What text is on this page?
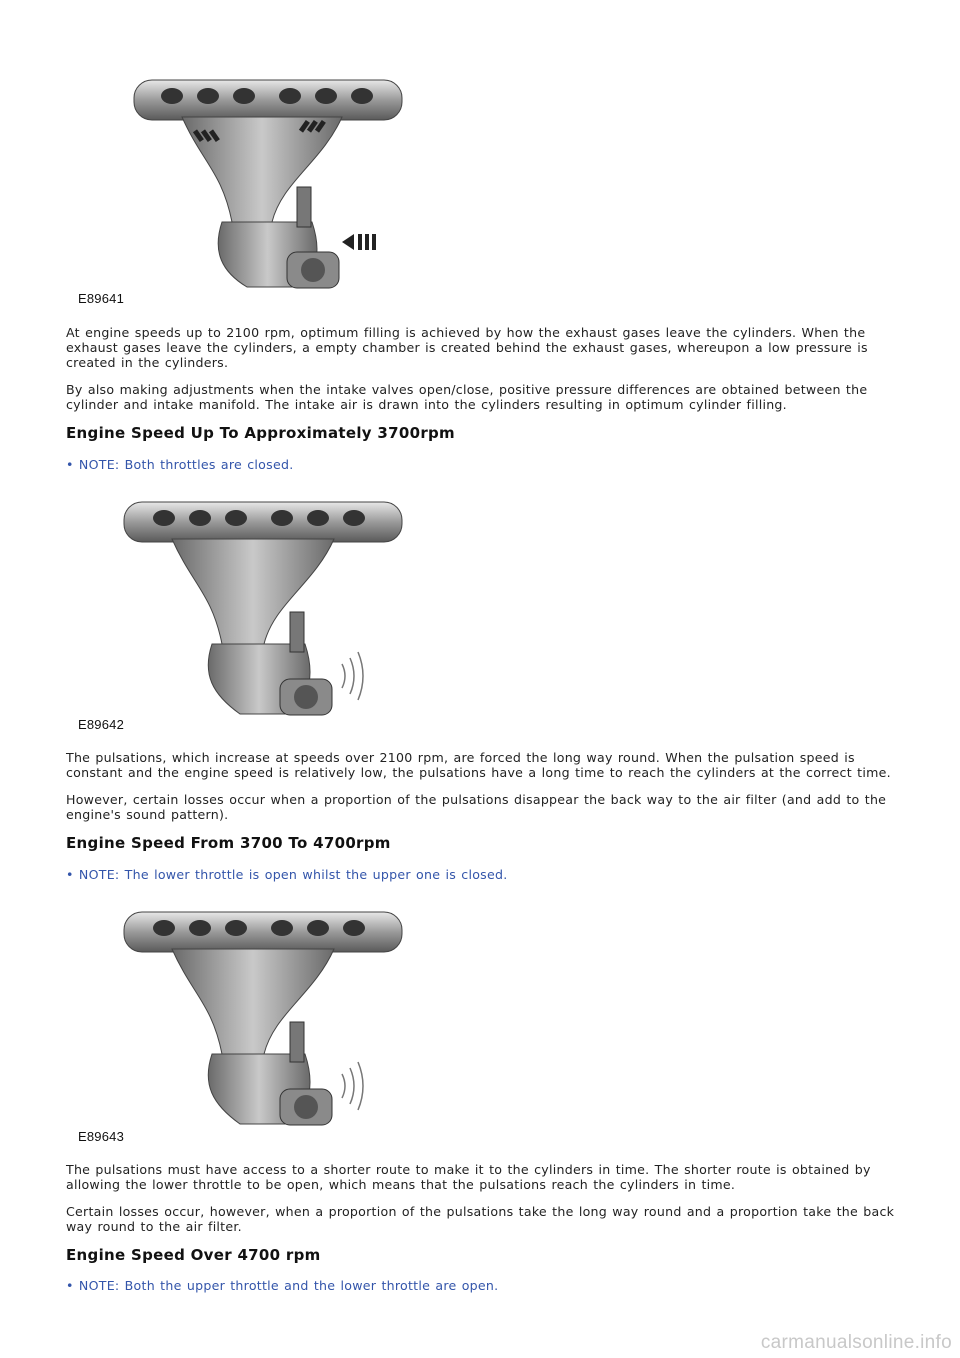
E89641

At engine speeds up to 2100 rpm, optimum filling is achieved by how the exhaust gases leave the cylinders. When the exhaust gases leave the cylinders, a empty chamber is created behind the exhaust gases, whereupon a low pressure is created in the cylinders.

By also making adjustments when the intake valves open/close, positive pressure differences are obtained between the cylinder and intake manifold. The intake air is drawn into the cylinders resulting in optimum cylinder filling.

Engine Speed Up To Approximately 3700rpm

• NOTE: Both throttles are closed.

E89642

The pulsations, which increase at speeds over 2100 rpm, are forced the long way round. When the pulsation speed is constant and the engine speed is relatively low, the pulsations have a long time to reach the cylinders at the correct time.

However, certain losses occur when a proportion of the pulsations disappear the back way to the air filter (and add to the engine's sound pattern).

Engine Speed From 3700 To 4700rpm

• NOTE: The lower throttle is open whilst the upper one is closed.

E89643

The pulsations must have access to a shorter route to make it to the cylinders in time. The shorter route is obtained by allowing the lower throttle to be open, which means that the pulsations reach the cylinders in time.

Certain losses occur, however, when a proportion of the pulsations take the long way round and a proportion take the back way round to the air filter.

Engine Speed Over 4700 rpm

• NOTE: Both the upper throttle and the lower throttle are open.

carmanualsonline.info
